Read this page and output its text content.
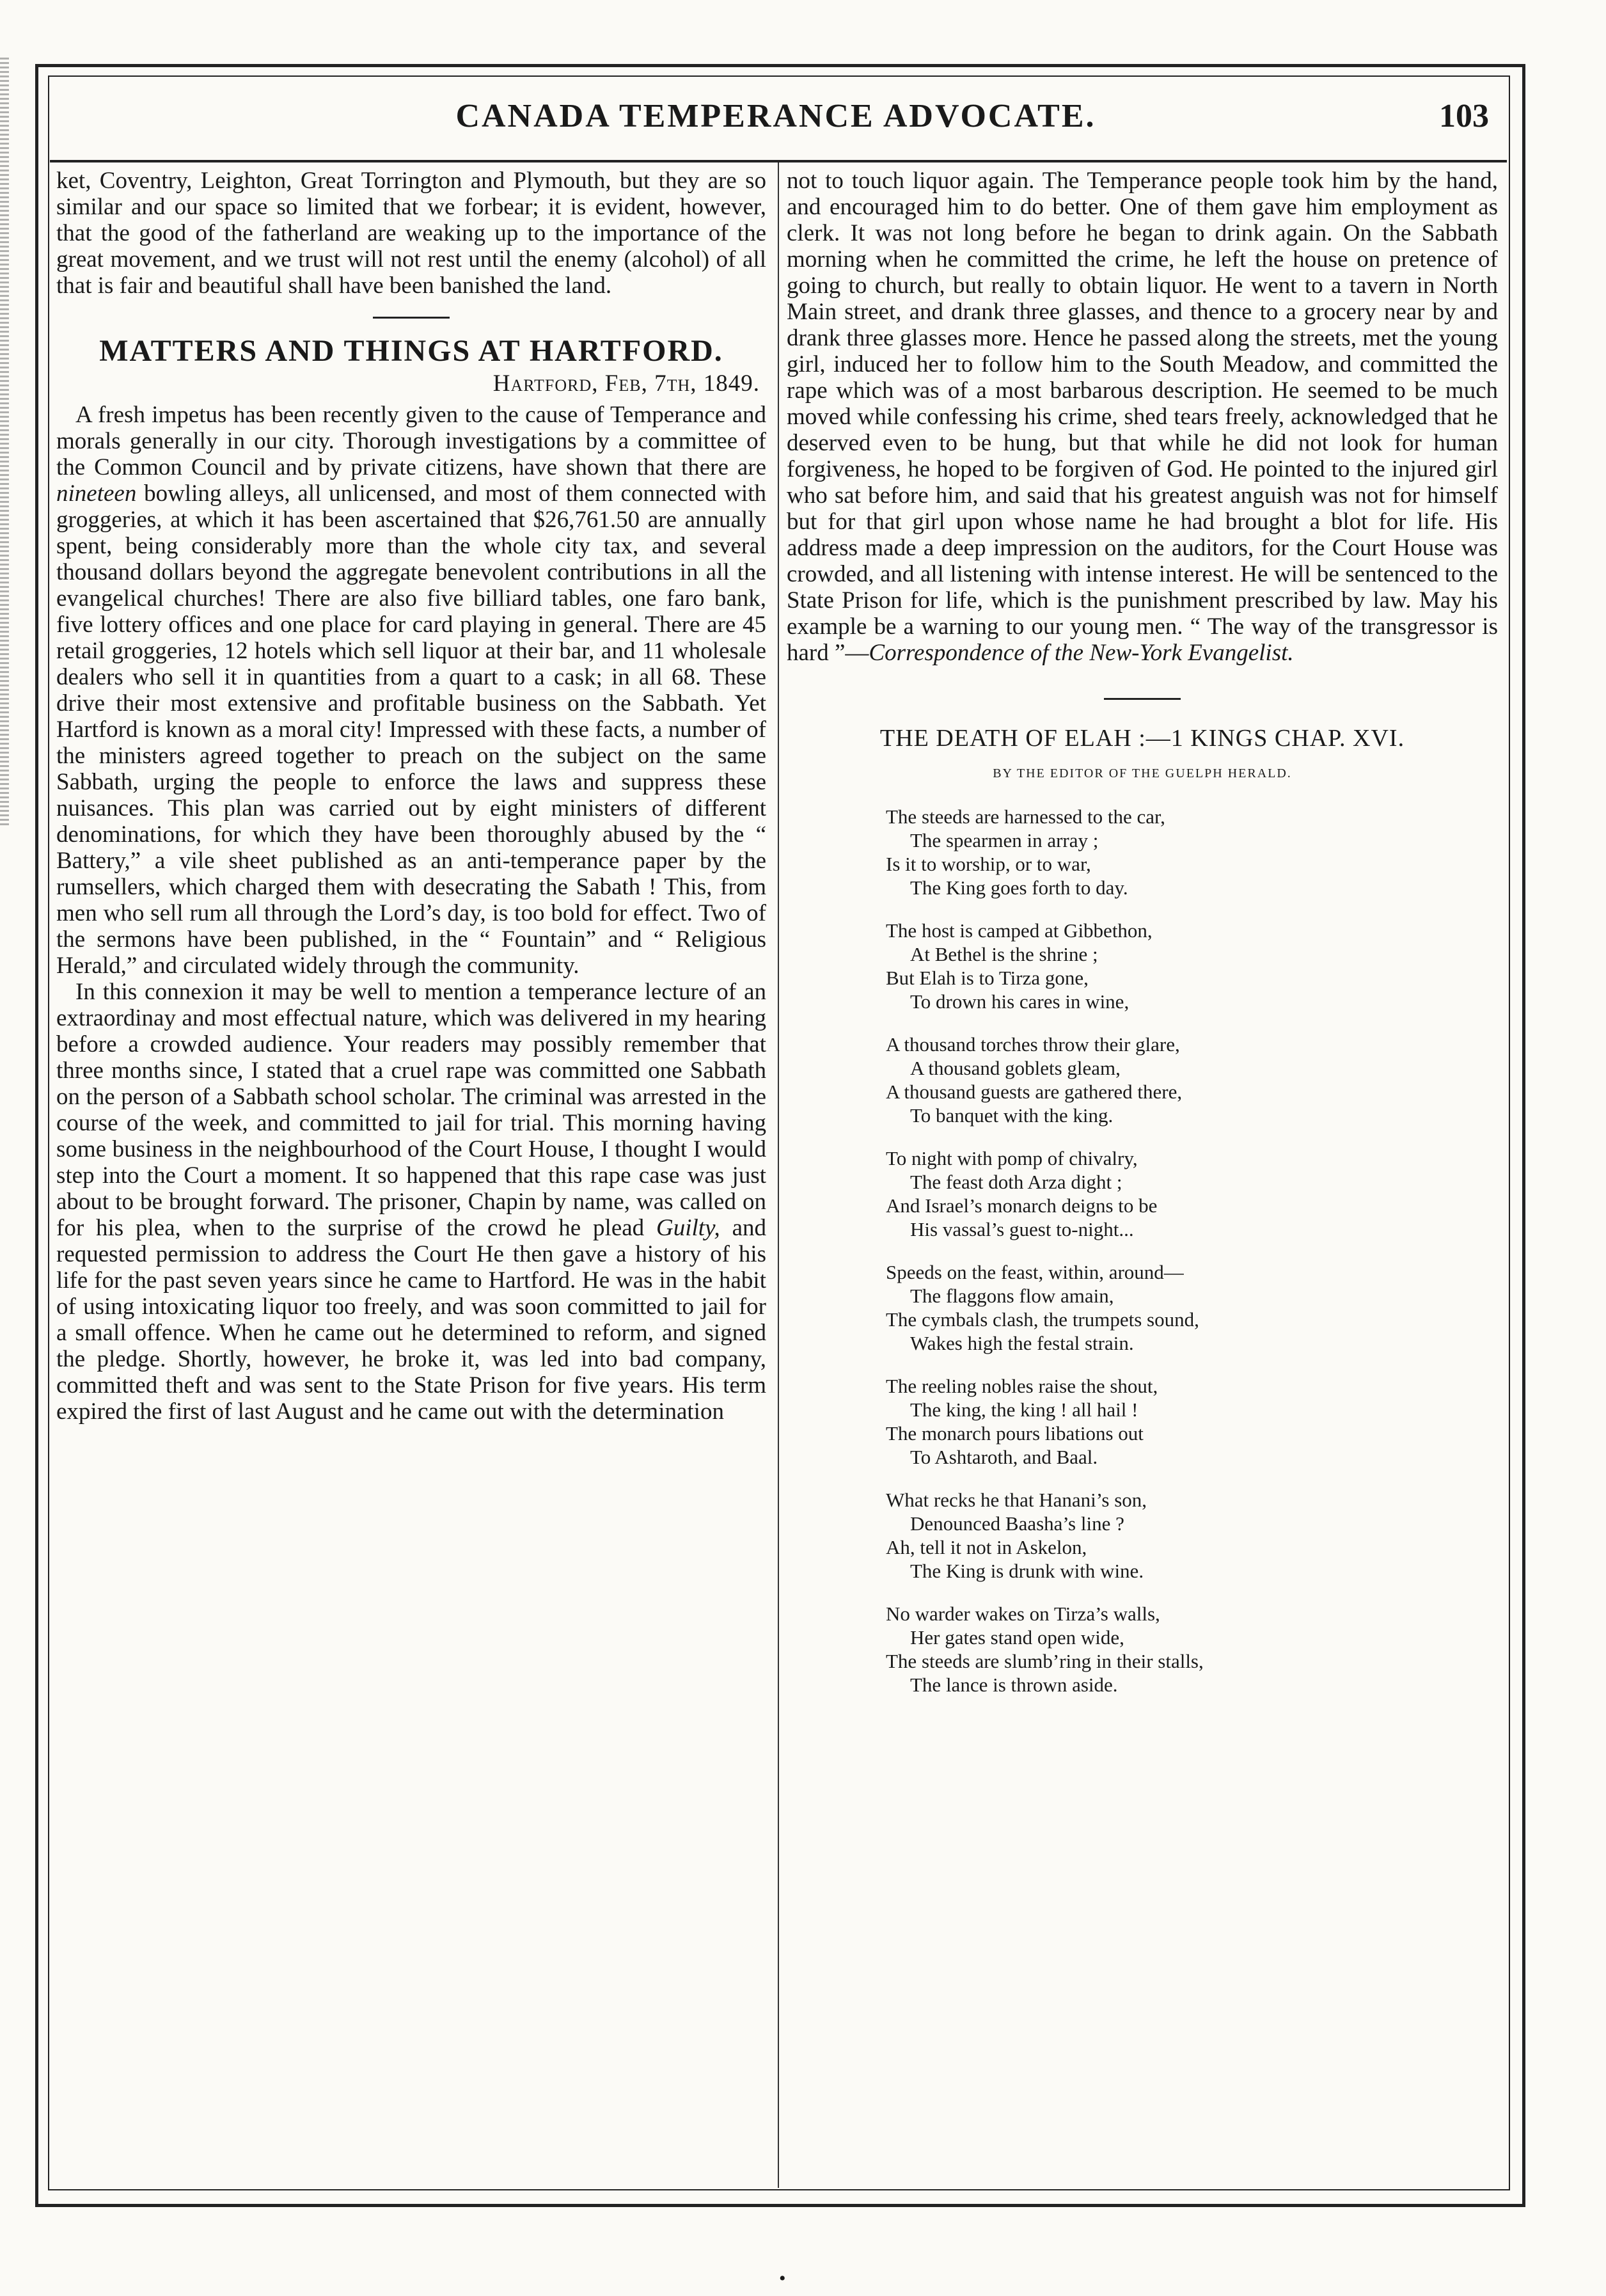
CANADA TEMPERANCE ADVOCATE.	103

ket, Coventry, Leighton, Great Torrington and Plymouth, but they are so similar and our space so limited that we forbear; it is evident, however, that the good of the fatherland are weaking up to the importance of the great movement, and we trust will not rest until the enemy (alcohol) of all that is fair and beautiful shall have been banished the land.

MATTERS AND THINGS AT HARTFORD.
Hartford, Feb, 7th, 1849.

A fresh impetus has been recently given to the cause of Temperance and morals generally in our city. Thorough investigations by a committee of the Common Council and by private citizens, have shown that there are nineteen bowling alleys, all unlicensed, and most of them connected with groggeries, at which it has been ascertained that $26,761.50 are annually spent, being considerably more than the whole city tax, and several thousand dollars beyond the aggregate benevolent contributions in all the evangelical churches! There are also five billiard tables, one faro bank, five lottery offices and one place for card playing in general. There are 45 retail groggeries, 12 hotels which sell liquor at their bar, and 11 wholesale dealers who sell it in quantities from a quart to a cask; in all 68. These drive their most extensive and profitable business on the Sabbath. Yet Hartford is known as a moral city! Impressed with these facts, a number of the ministers agreed together to preach on the subject on the same Sabbath, urging the people to enforce the laws and suppress these nuisances. This plan was carried out by eight ministers of different denominations, for which they have been thoroughly abused by the “ Battery,” a vile sheet published as an anti-temperance paper by the rumsellers, which charged them with desecrating the Sabath ! This, from men who sell rum all through the Lord’s day, is too bold for effect. Two of the sermons have been published, in the “ Fountain” and “ Religious Herald,” and circulated widely through the community.

In this connexion it may be well to mention a temperance lecture of an extraordinay and most effectual nature, which was delivered in my hearing before a crowded audience. Your readers may possibly remember that three months since, I stated that a cruel rape was committed one Sabbath on the person of a Sabbath school scholar. The criminal was arrested in the course of the week, and committed to jail for trial. This morning having some business in the neighbourhood of the Court House, I thought I would step into the Court a moment. It so happened that this rape case was just about to be brought forward. The prisoner, Chapin by name, was called on for his plea, when to the surprise of the crowd he plead Guilty, and requested permission to address the Court He then gave a history of his life for the past seven years since he came to Hartford. He was in the habit of using intoxicating liquor too freely, and was soon committed to jail for a small offence. When he came out he determined to reform, and signed the pledge. Shortly, however, he broke it, was led into bad company, committed theft and was sent to the State Prison for five years. His term expired the first of last August and he came out with the determination

not to touch liquor again. The Temperance people took him by the hand, and encouraged him to do better. One of them gave him employment as clerk. It was not long before he began to drink again. On the Sabbath morning when he committed the crime, he left the house on pretence of going to church, but really to obtain liquor. He went to a tavern in North Main street, and drank three glasses, and thence to a grocery near by and drank three glasses more. Hence he passed along the streets, met the young girl, induced her to follow him to the South Meadow, and committed the rape which was of a most barbarous description. He seemed to be much moved while confessing his crime, shed tears freely, acknowledged that he deserved even to be hung, but that while he did not look for human forgiveness, he hoped to be forgiven of God. He pointed to the injured girl who sat before him, and said that his greatest anguish was not for himself but for that girl upon whose name he had brought a blot for life. His address made a deep impression on the auditors, for the Court House was crowded, and all listening with intense interest. He will be sentenced to the State Prison for life, which is the punishment prescribed by law. May his example be a warning to our young men. “ The way of the transgressor is hard ”—Correspondence of the New-York Evangelist.

THE DEATH OF ELAH :—1 KINGS CHAP. XVI.
BY THE EDITOR OF THE GUELPH HERALD.
The steeds are harnessed to the car,
The spearmen in array ;
Is it to worship, or to war,
The King goes forth to day.
The host is camped at Gibbethon,
At Bethel is the shrine ;
But Elah is to Tirza gone,
To drown his cares in wine,
A thousand torches throw their glare,
A thousand goblets gleam,
A thousand guests are gathered there,
To banquet with the king.
To night with pomp of chivalry,
The feast doth Arza dight ;
And Israel’s monarch deigns to be
His vassal’s guest to-night...
Speeds on the feast, within, around—
The flaggons flow amain,
The cymbals clash, the trumpets sound,
Wakes high the festal strain.
The reeling nobles raise the shout,
The king, the king ! all hail !
The monarch pours libations out
To Ashtaroth, and Baal.
What recks he that Hanani’s son,
Denounced Baasha’s line ?
Ah, tell it not in Askelon,
The King is drunk with wine.
No warder wakes on Tirza’s walls,
Her gates stand open wide,
The steeds are slumb’ring in their stalls,
The lance is thrown aside.
•
